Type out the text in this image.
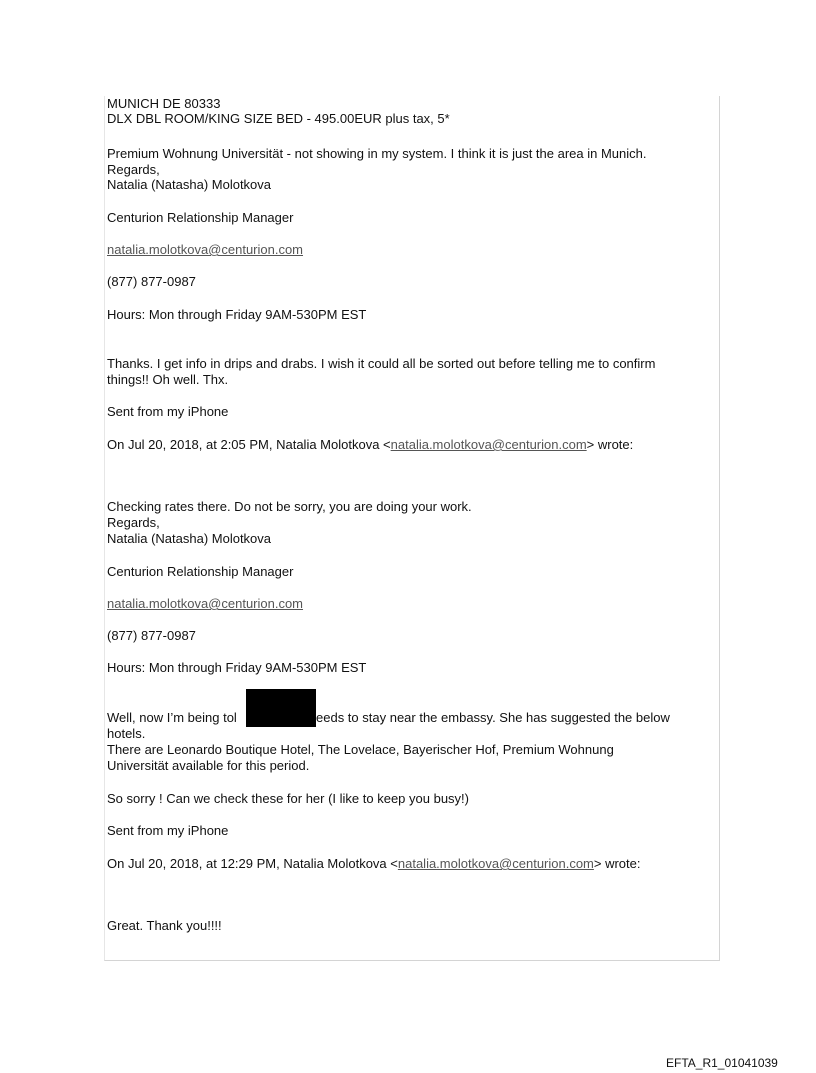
MUNICH DE 80333
DLX DBL ROOM/KING SIZE BED - 495.00EUR plus tax, 5*
Premium Wohnung Universität - not showing in my system. I think it is just the area in Munich.
Regards,
Natalia (Natasha) Molotkova
Centurion Relationship Manager
natalia.molotkova@centurion.com
(877) 877-0987
Hours: Mon through Friday 9AM-530PM EST
Thanks. I get info in drips and drabs. I wish it could all be sorted out before telling me to confirm
things!! Oh well. Thx.
Sent from my iPhone
On Jul 20, 2018, at 2:05 PM, Natalia Molotkova <natalia.molotkova@centurion.com> wrote:
Checking rates there. Do not be sorry, you are doing your work.
Regards,
Natalia (Natasha) Molotkova
Centurion Relationship Manager
natalia.molotkova@centurion.com
(877) 877-0987
Hours: Mon through Friday 9AM-530PM EST
Well, now I’m being tol	eeds to stay near the embassy. She has suggested the below
hotels.
There are Leonardo Boutique Hotel, The Lovelace, Bayerischer Hof, Premium Wohnung
Universität available for this period.
So sorry ! Can we check these for her (I like to keep you busy!)
Sent from my iPhone
On Jul 20, 2018, at 12:29 PM, Natalia Molotkova <natalia.molotkova@centurion.com> wrote:
Great. Thank you!!!!
EFTA_R1_01041039
